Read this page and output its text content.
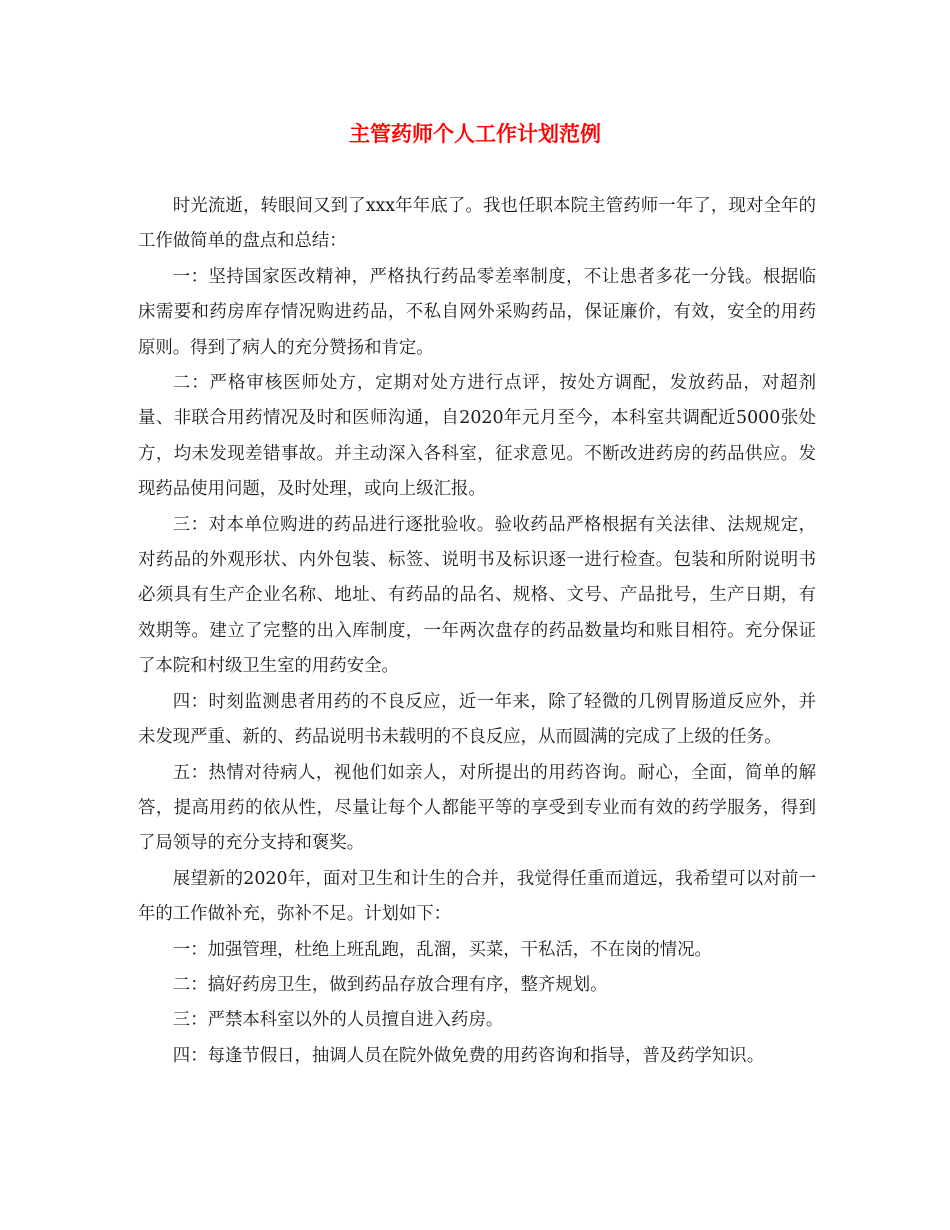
主管药师个人工作计划范例

时光流逝，转眼间又到了xxx年年底了。我也任职本院主管药师一年了，现对全年的工作做简单的盘点和总结：

一：坚持国家医改精神，严格执行药品零差率制度，不让患者多花一分钱。根据临床需要和药房库存情况购进药品，不私自网外采购药品，保证廉价，有效，安全的用药原则。得到了病人的充分赞扬和肯定。

二：严格审核医师处方，定期对处方进行点评，按处方调配，发放药品，对超剂量、非联合用药情况及时和医师沟通，自2020年元月至今，本科室共调配近5000张处方，均未发现差错事故。并主动深入各科室，征求意见。不断改进药房的药品供应。发现药品使用问题，及时处理，或向上级汇报。

三：对本单位购进的药品进行逐批验收。验收药品严格根据有关法律、法规规定，对药品的外观形状、内外包装、标签、说明书及标识逐一进行检查。包装和所附说明书必须具有生产企业名称、地址、有药品的品名、规格、文号、产品批号，生产日期，有效期等。建立了完整的出入库制度，一年两次盘存的药品数量均和账目相符。充分保证了本院和村级卫生室的用药安全。

四：时刻监测患者用药的不良反应，近一年来，除了轻微的几例胃肠道反应外，并未发现严重、新的、药品说明书未载明的不良反应，从而圆满的完成了上级的任务。

五：热情对待病人，视他们如亲人，对所提出的用药咨询。耐心，全面，简单的解答，提高用药的依从性，尽量让每个人都能平等的享受到专业而有效的药学服务，得到了局领导的充分支持和褒奖。

展望新的2020年，面对卫生和计生的合并，我觉得任重而道远，我希望可以对前一年的工作做补充，弥补不足。计划如下：

一：加强管理，杜绝上班乱跑，乱溜，买菜，干私活，不在岗的情况。

二：搞好药房卫生，做到药品存放合理有序，整齐规划。

三：严禁本科室以外的人员擅自进入药房。

四：每逢节假日，抽调人员在院外做免费的用药咨询和指导，普及药学知识。
